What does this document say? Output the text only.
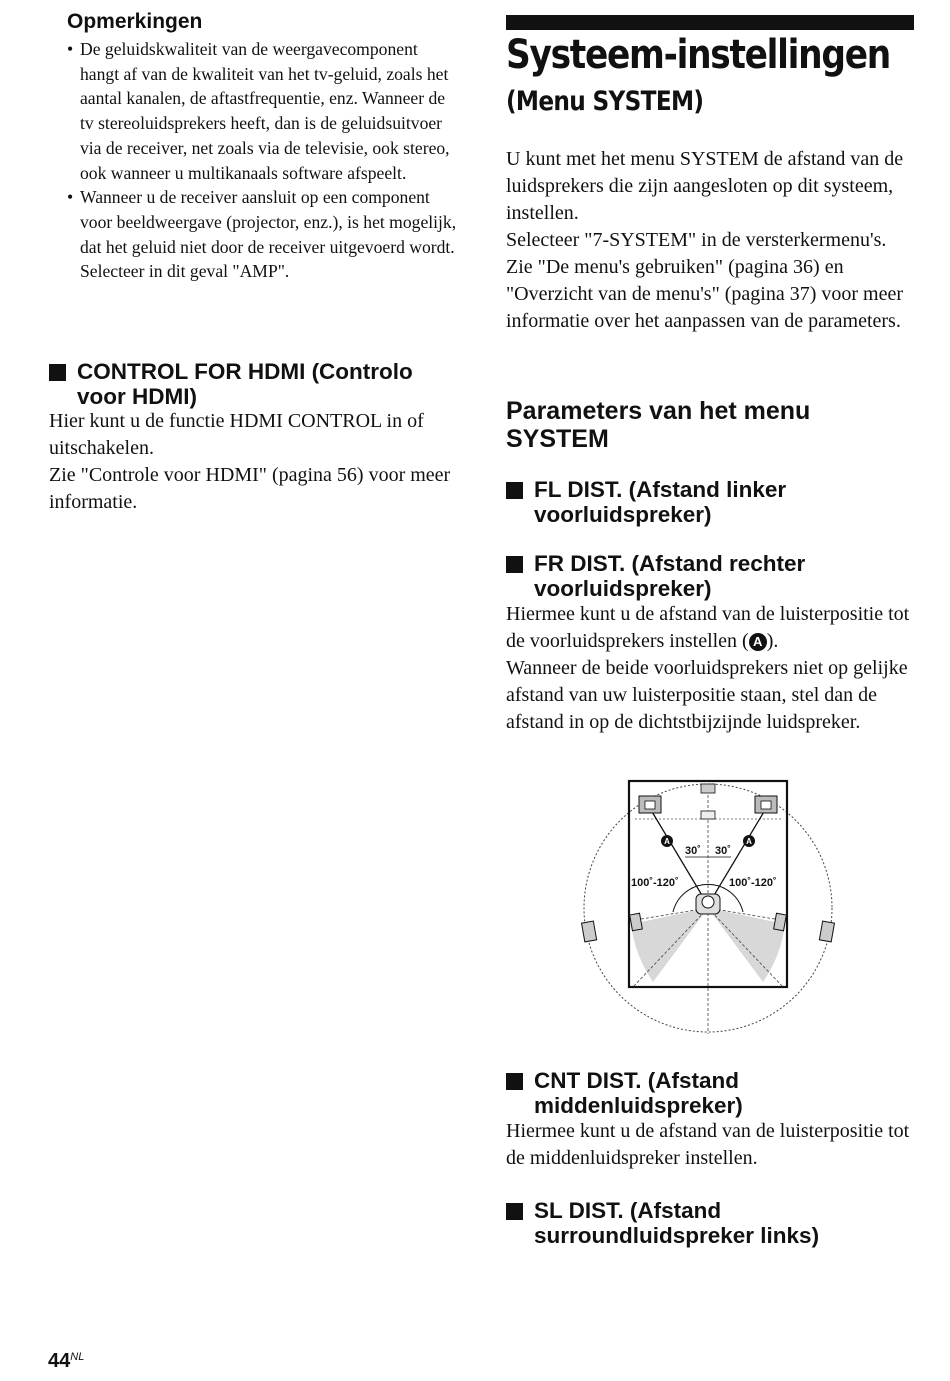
Opmerkingen
• De geluidskwaliteit van de weergavecomponent hangt af van de kwaliteit van het tv-geluid, zoals het aantal kanalen, de aftastfrequentie, enz. Wanneer de tv stereoluidsprekers heeft, dan is de geluidsuitvoer via de receiver, net zoals via de televisie, ook stereo, ook wanneer u multikanaals software afspeelt.
• Wanneer u de receiver aansluit op een component voor beeldweergave (projector, enz.), is het mogelijk, dat het geluid niet door de receiver uitgevoerd wordt. Selecteer in dit geval "AMP".
CONTROL FOR HDMI (Controlo voor HDMI)

Hier kunt u de functie HDMI CONTROL in of uitschakelen.
Zie "Controle voor HDMI" (pagina 56) voor meer informatie.

Systeem-instellingen
(Menu SYSTEM)

U kunt met het menu SYSTEM de afstand van de luidsprekers die zijn aangesloten op dit systeem, instellen.
Selecteer "7-SYSTEM" in de versterkermenu's. Zie "De menu's gebruiken" (pagina 36) en "Overzicht van de menu's" (pagina 37) voor meer informatie over het aanpassen van de parameters.

Parameters van het menu SYSTEM
FL DIST. (Afstand linker voorluidspreker)
FR DIST. (Afstand rechter voorluidspreker)

Hiermee kunt u de afstand van de luisterpositie tot de voorluidsprekers instellen ( A ).
Wanneer de beide voorluidsprekers niet op gelijke afstand van uw luisterpositie staan, stel dan de afstand in op de dichtstbijzijnde luidspreker.

A	A
30˚ 30˚
100˚-120˚	100˚-120˚
CNT DIST. (Afstand middenluidspreker)

Hiermee kunt u de afstand van de luisterpositie tot de middenluidspreker instellen.

SL DIST. (Afstand surroundluidspreker links)
$44^{NL}$
